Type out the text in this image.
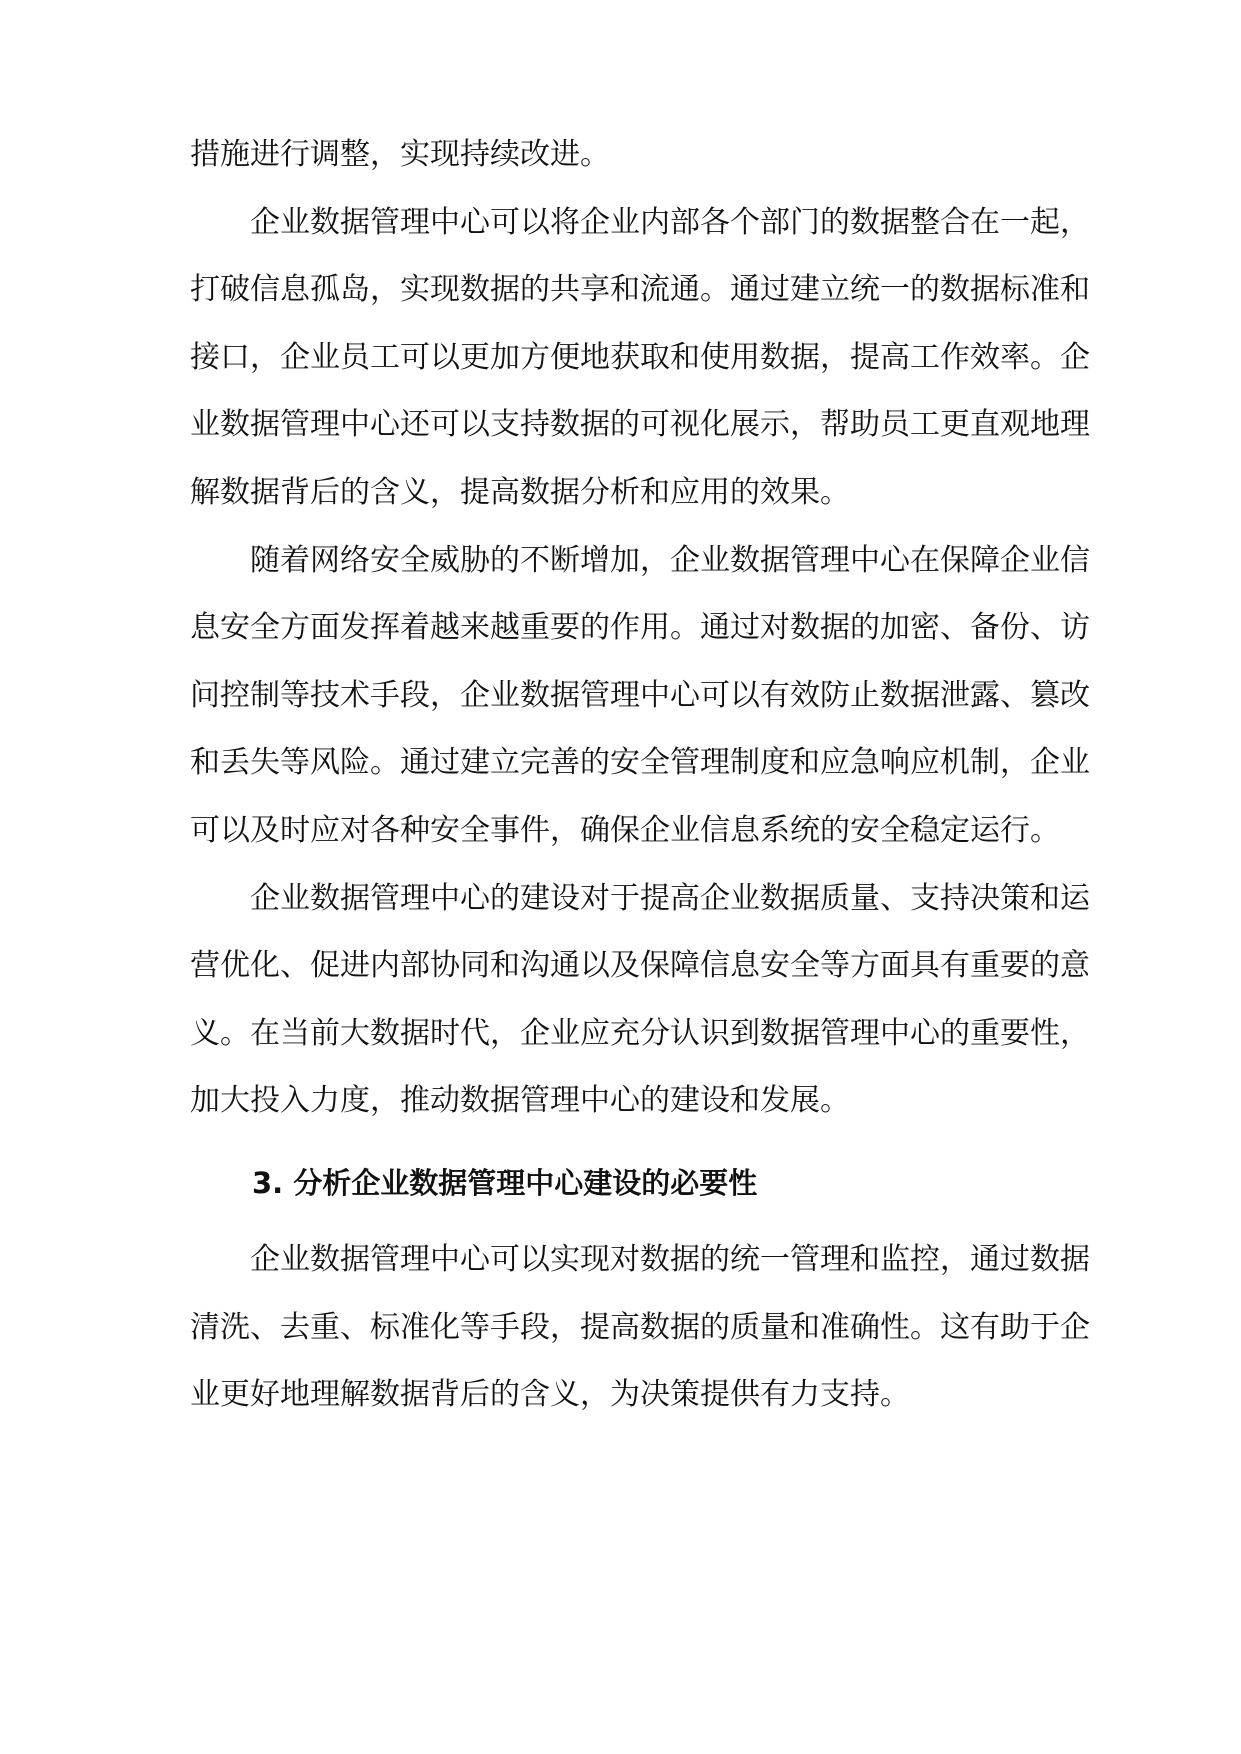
措施进行调整，实现持续改进。
企业数据管理中心可以将企业内部各个部门的数据整合在一起，
打破信息孤岛，实现数据的共享和流通。通过建立统一的数据标准和
接口，企业员工可以更加方便地获取和使用数据，提高工作效率。企
业数据管理中心还可以支持数据的可视化展示，帮助员工更直观地理
解数据背后的含义，提高数据分析和应用的效果。
随着网络安全威胁的不断增加，企业数据管理中心在保障企业信
息安全方面发挥着越来越重要的作用。通过对数据的加密、备份、访
问控制等技术手段，企业数据管理中心可以有效防止数据泄露、篡改
和丢失等风险。通过建立完善的安全管理制度和应急响应机制，企业
可以及时应对各种安全事件，确保企业信息系统的安全稳定运行。
企业数据管理中心的建设对于提高企业数据质量、支持决策和运
营优化、促进内部协同和沟通以及保障信息安全等方面具有重要的意
义。在当前大数据时代，企业应充分认识到数据管理中心的重要性，
加大投入力度，推动数据管理中心的建设和发展。
3. 分析企业数据管理中心建设的必要性
企业数据管理中心可以实现对数据的统一管理和监控，通过数据
清洗、去重、标准化等手段，提高数据的质量和准确性。这有助于企
业更好地理解数据背后的含义，为决策提供有力支持。
